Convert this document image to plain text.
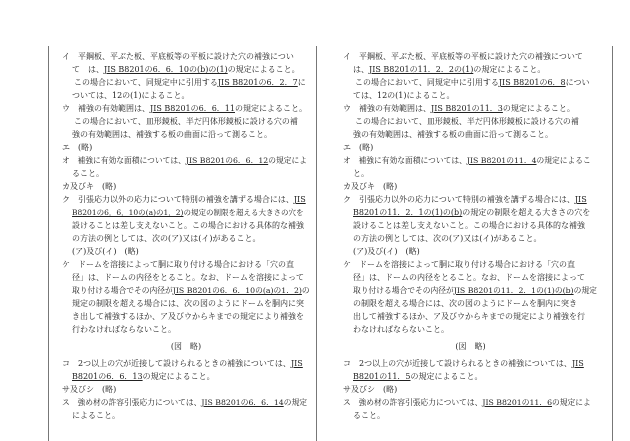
イ　平鋼板、平ぶた板、平底板等の平板に設けた穴の補強につい

て　は、JIS B8201の6．6．10の(b)の(1)の規定によること。

この場合において、同規定中に引用するJIS B8201の6．2．7に

ついては、12の(1)によること。

ウ　補強の有効範囲は、JIS B8201の6．6．11の規定によること。

この場合において、皿形鏡板、半だ円体形鏡板に設ける穴の補

強の有効範囲は、補強する板の曲面に沿って測ること。

エ　(略)

オ　補強に有効な面積については、JIS B8201の6．6．12の規定によ

ること。

カ及びキ　(略)

ク　引張応力以外の応力について特別の補強を講ずる場合には、JIS

B8201の6．6．10の(a)の1．2)の規定の制限を超える大きさの穴を

設けることは差し支えないこと。この場合における具体的な補強

の方法の例としては、次の(ア)又は(イ)があること。

(ア)及び(イ)　(略)

ケ　ドームを溶接によって胴に取り付ける場合における「穴の直

径」は、ドームの内径をとること。なお、ドームを溶接によって

取り付ける場合でその内径がJIS B8201の6．6．10の(a)の1．2)の

規定の制限を超える場合には、次の図のようにドームを胴内に突

き出して補強するほか、ア及びウからキまでの規定により補強を

行わなければならないこと。

(図　略)

コ　2つ以上の穴が近接して設けられるときの補強については、JIS

B8201の6．6．13の規定によること。

サ及びシ　(略)

ス　強め材の許容引張応力については、JIS B8201の6．6．14の規定

によること。

イ　平鋼板、平ぶた板、平底板等の平板に設けた穴の補強について

は、JIS B8201の11．2．2の(1)の規定によること。

この場合において、同規定中に引用するJIS B8201の6．8につい

ては、12の(1)によること。

ウ　補強の有効範囲は、JIS B8201の11．3の規定によること。

この場合において、皿形鏡板、半だ円体形鏡板に設ける穴の補

強の有効範囲は、補強する板の曲面に沿って測ること。

エ　(略)

オ　補強に有効な面積については、JIS B8201の11．4の規定によるこ

と。

カ及びキ　(略)

ク　引張応力以外の応力について特別の補強を講ずる場合には、JIS

B8201の11．2．1の(1)の(b)の規定の制限を超える大きさの穴を

設けることは差し支えないこと。この場合における具体的な補強

の方法の例としては、次の(ア)又は(イ)があること。

(ア)及び(イ)　(略)

ケ　ドームを溶接によって胴に取り付ける場合における「穴の直

径」は、ドームの内径をとること。なお、ドームを溶接によって

取り付ける場合でその内径がJIS B8201の11．2．1の(1)の(b)の規定

の制限を超える場合には、次の図のようにドームを胴内に突き

出して補強するほか、ア及びウからキまでの規定により補強を行

わなければならないこと。

(図　略)

コ　2つ以上の穴が近接して設けられるときの補強については、JIS

B8201の11．5の規定によること。

サ及びシ　(略)

ス　強め材の許容引張応力については、JIS B8201の11．6の規定によ

ること。
